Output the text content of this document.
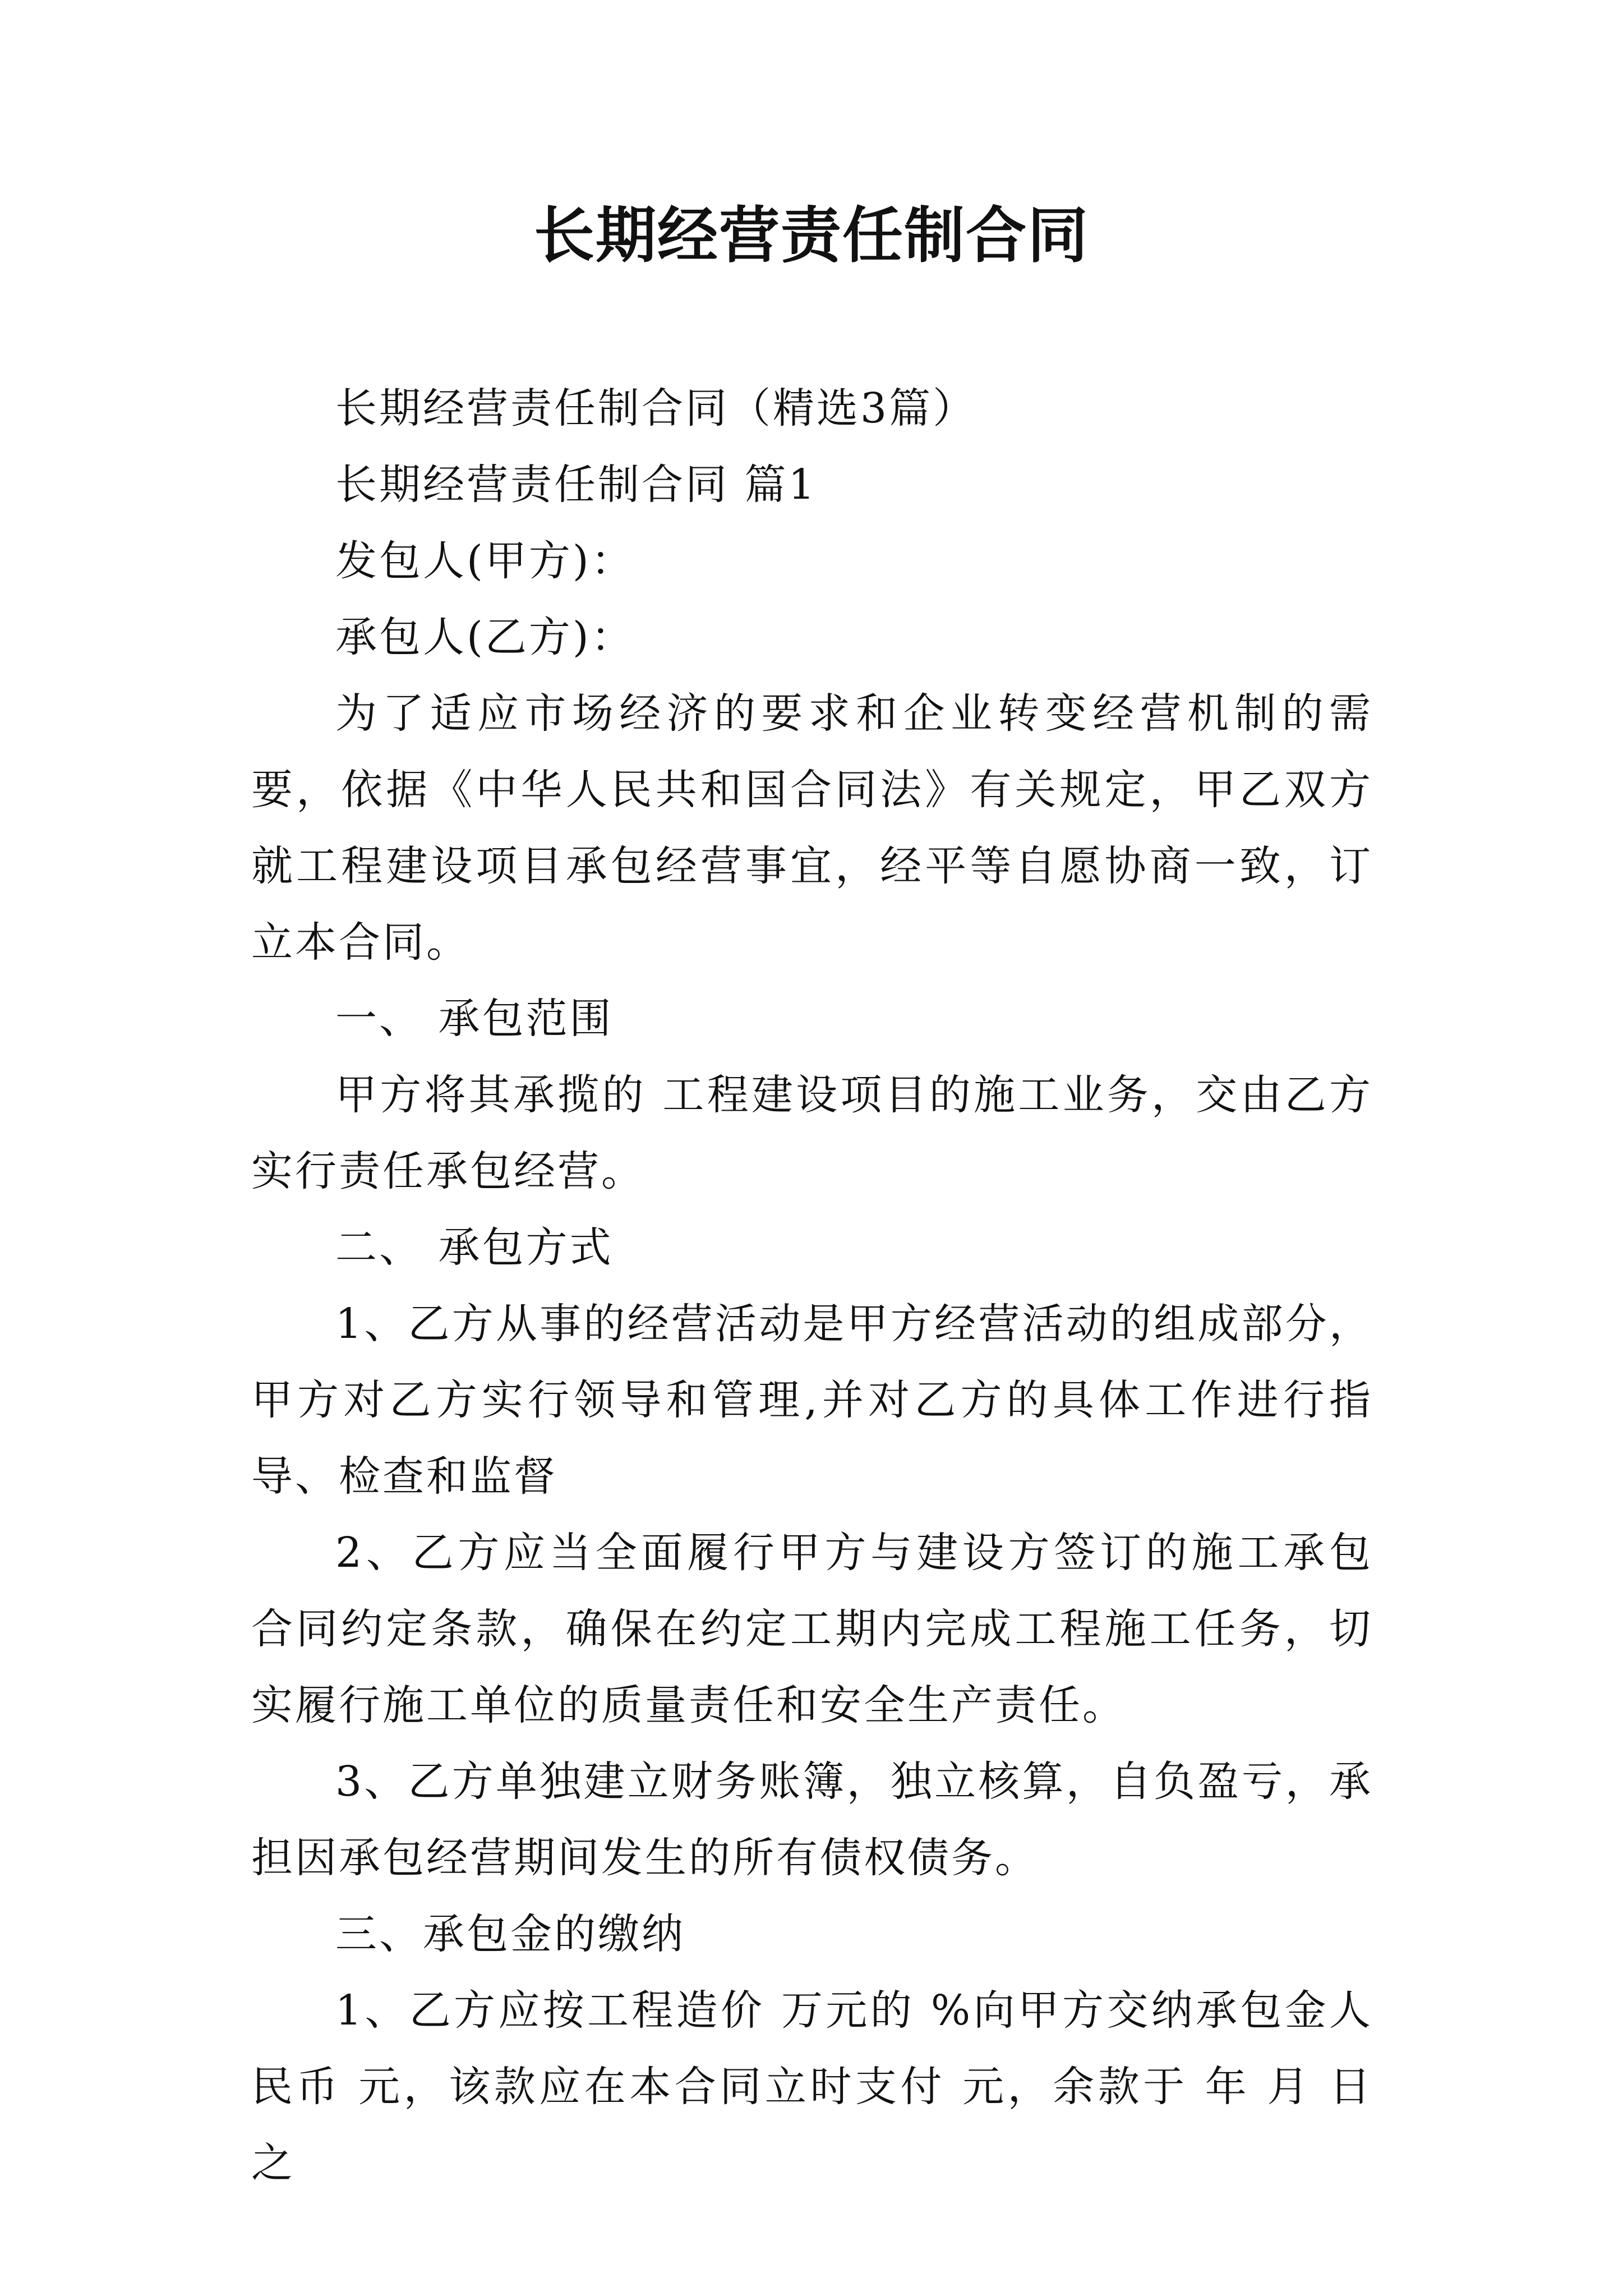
长期经营责任制合同

长期经营责任制合同（精选3篇）

长期经营责任制合同 篇1

发包人(甲方)：

承包人(乙方)：

为了适应市场经济的要求和企业转变经营机制的需要，依据《中华人民共和国合同法》有关规定，甲乙双方就工程建设项目承包经营事宜，经平等自愿协商一致，订立本合同。

一、 承包范围

甲方将其承揽的 工程建设项目的施工业务，交由乙方实行责任承包经营。

二、 承包方式

1、乙方从事的经营活动是甲方经营活动的组成部分，甲方对乙方实行领导和管理,并对乙方的具体工作进行指导、检查和监督

2、乙方应当全面履行甲方与建设方签订的施工承包 合同约定条款，确保在约定工期内完成工程施工任务，切实履行施工单位的质量责任和安全生产责任。

3、乙方单独建立财务账簿，独立核算，自负盈亏，承担因承包经营期间发生的所有债权债务。

三、承包金的缴纳

1、乙方应按工程造价 万元的 %向甲方交纳承包金人民币 元，该款应在本合同立时支付 元，余款于 年 月 日之
